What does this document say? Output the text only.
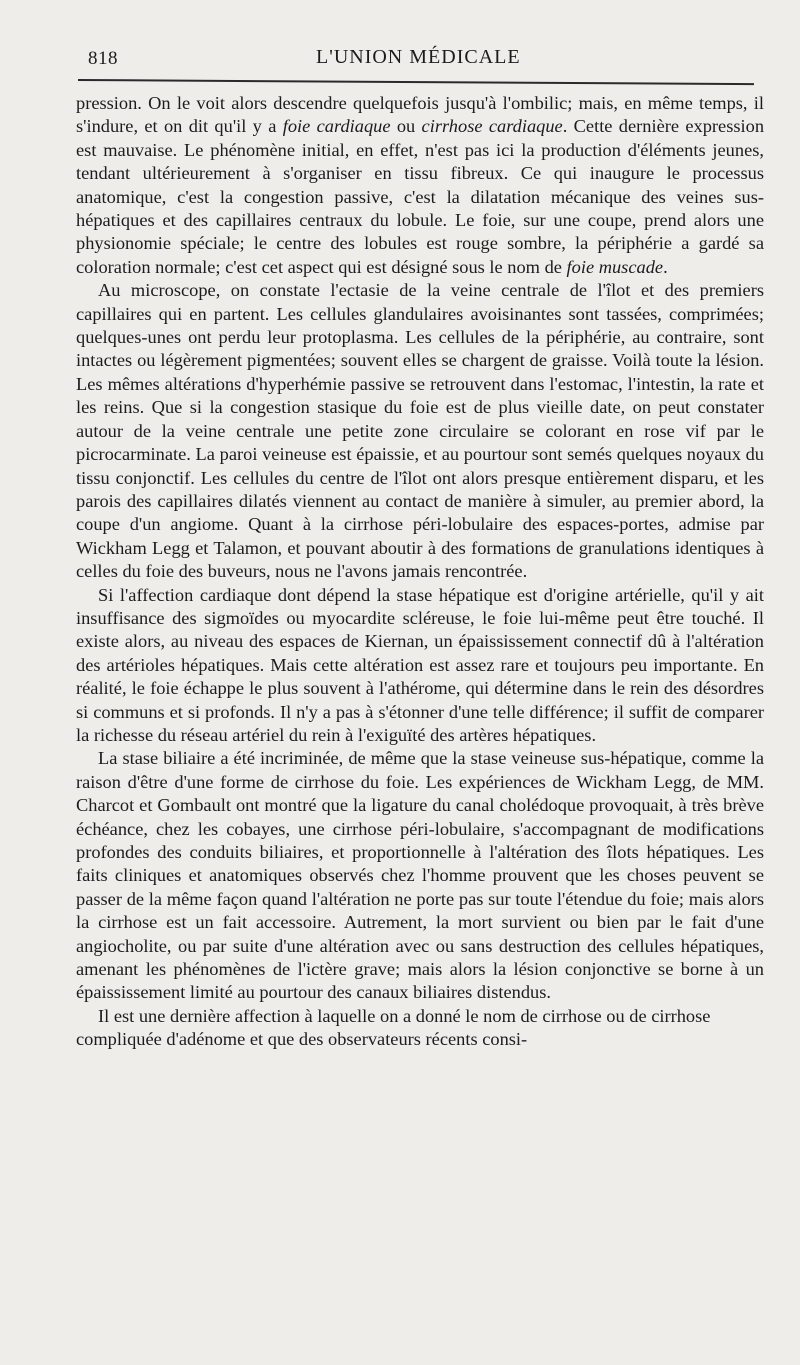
818	L'UNION MÉDICALE

pression. On le voit alors descendre quelquefois jusqu'à l'ombilic; mais, en même temps, il s'indure, et on dit qu'il y a foie cardiaque ou cirrhose cardiaque. Cette dernière expression est mauvaise. Le phénomène initial, en effet, n'est pas ici la production d'éléments jeunes, tendant ultérieurement à s'organiser en tissu fibreux. Ce qui inaugure le processus anatomique, c'est la congestion passive, c'est la dilatation mécanique des veines sus-hépatiques et des capillaires centraux du lobule. Le foie, sur une coupe, prend alors une physionomie spéciale; le centre des lobules est rouge sombre, la périphérie a gardé sa coloration normale; c'est cet aspect qui est désigné sous le nom de foie muscade.

Au microscope, on constate l'ectasie de la veine centrale de l'îlot et des premiers capillaires qui en partent. Les cellules glandulaires avoisinantes sont tassées, comprimées; quelques-unes ont perdu leur protoplasma. Les cellules de la périphérie, au contraire, sont intactes ou légèrement pigmentées; souvent elles se chargent de graisse. Voilà toute la lésion. Les mêmes altérations d'hyperhémie passive se retrouvent dans l'estomac, l'intestin, la rate et les reins. Que si la congestion stasique du foie est de plus vieille date, on peut constater autour de la veine centrale une petite zone circulaire se colorant en rose vif par le picrocarminate. La paroi veineuse est épaissie, et au pourtour sont semés quelques noyaux du tissu conjonctif. Les cellules du centre de l'îlot ont alors presque entièrement disparu, et les parois des capillaires dilatés viennent au contact de manière à simuler, au premier abord, la coupe d'un angiome. Quant à la cirrhose péri-lobulaire des espaces-portes, admise par Wickham Legg et Talamon, et pouvant aboutir à des formations de granulations identiques à celles du foie des buveurs, nous ne l'avons jamais rencontrée.

Si l'affection cardiaque dont dépend la stase hépatique est d'origine artérielle, qu'il y ait insuffisance des sigmoïdes ou myocardite scléreuse, le foie lui-même peut être touché. Il existe alors, au niveau des espaces de Kiernan, un épaississement connectif dû à l'altération des artérioles hépatiques. Mais cette altération est assez rare et toujours peu importante. En réalité, le foie échappe le plus souvent à l'athérome, qui détermine dans le rein des désordres si communs et si profonds. Il n'y a pas à s'étonner d'une telle différence; il suffit de comparer la richesse du réseau artériel du rein à l'exiguïté des artères hépatiques.

La stase biliaire a été incriminée, de même que la stase veineuse sus-hépatique, comme la raison d'être d'une forme de cirrhose du foie. Les expériences de Wickham Legg, de MM. Charcot et Gombault ont montré que la ligature du canal cholédoque provoquait, à très brève échéance, chez les cobayes, une cirrhose péri-lobulaire, s'accompagnant de modifications profondes des conduits biliaires, et proportionnelle à l'altération des îlots hépatiques. Les faits cliniques et anatomiques observés chez l'homme prouvent que les choses peuvent se passer de la même façon quand l'altération ne porte pas sur toute l'étendue du foie; mais alors la cirrhose est un fait accessoire. Autrement, la mort survient ou bien par le fait d'une angiocholite, ou par suite d'une altération avec ou sans destruction des cellules hépatiques, amenant les phénomènes de l'ictère grave; mais alors la lésion conjonctive se borne à un épaississement limité au pourtour des canaux biliaires distendus.

Il est une dernière affection à laquelle on a donné le nom de cirrhose ou de cirrhose compliquée d'adénome et que des observateurs récents consi-
